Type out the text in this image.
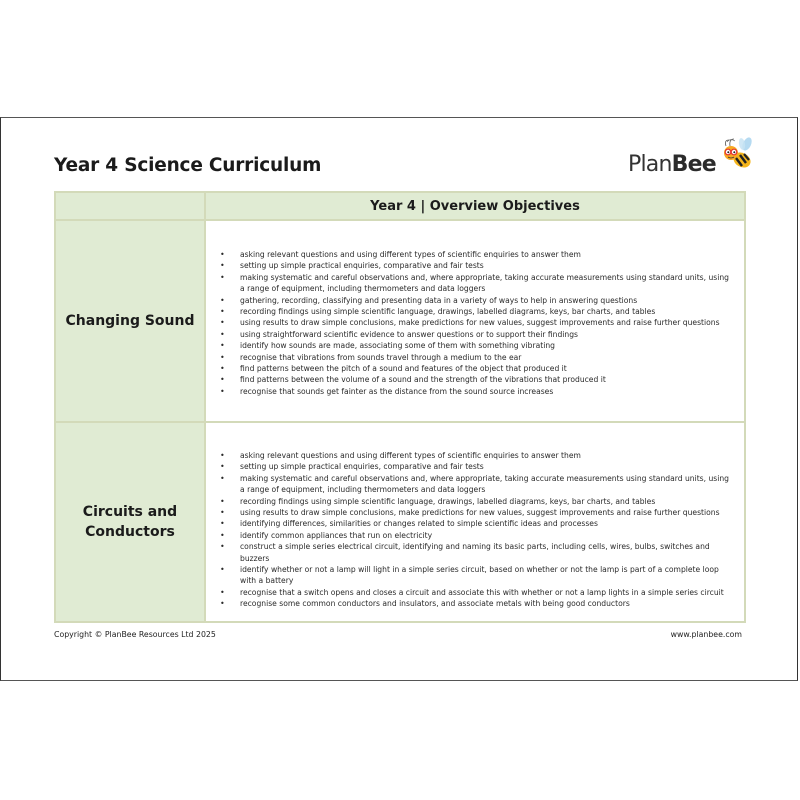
Year 4 Science Curriculum	PlanBee
	Year 4 | Overview Objectives
Changing Sound	
• asking relevant questions and using different types of scientific enquiries to answer them
• setting up simple practical enquiries, comparative and fair tests
• making systematic and careful observations and, where appropriate, taking accurate measurements using standard units, using a range of equipment, including thermometers and data loggers
• gathering, recording, classifying and presenting data in a variety of ways to help in answering questions
• recording findings using simple scientific language, drawings, labelled diagrams, keys, bar charts, and tables
• using results to draw simple conclusions, make predictions for new values, suggest improvements and raise further questions
• using straightforward scientific evidence to answer questions or to support their findings
• identify how sounds are made, associating some of them with something vibrating
• recognise that vibrations from sounds travel through a medium to the ear
• find patterns between the pitch of a sound and features of the object that produced it
• find patterns between the volume of a sound and the strength of the vibrations that produced it
• recognise that sounds get fainter as the distance from the sound source increases

Circuits and Conductors	
• asking relevant questions and using different types of scientific enquiries to answer them
• setting up simple practical enquiries, comparative and fair tests
• making systematic and careful observations and, where appropriate, taking accurate measurements using standard units, using a range of equipment, including thermometers and data loggers
• recording findings using simple scientific language, drawings, labelled diagrams, keys, bar charts, and tables
• using results to draw simple conclusions, make predictions for new values, suggest improvements and raise further questions
• identifying differences, similarities or changes related to simple scientific ideas and processes
• identify common appliances that run on electricity
• construct a simple series electrical circuit, identifying and naming its basic parts, including cells, wires, bulbs, switches and buzzers
• identify whether or not a lamp will light in a simple series circuit, based on whether or not the lamp is part of a complete loop with a battery
• recognise that a switch opens and closes a circuit and associate this with whether or not a lamp lights in a simple series circuit
• recognise some common conductors and insulators, and associate metals with being good conductors
Copyright © PlanBee Resources Ltd 2025	www.planbee.com
